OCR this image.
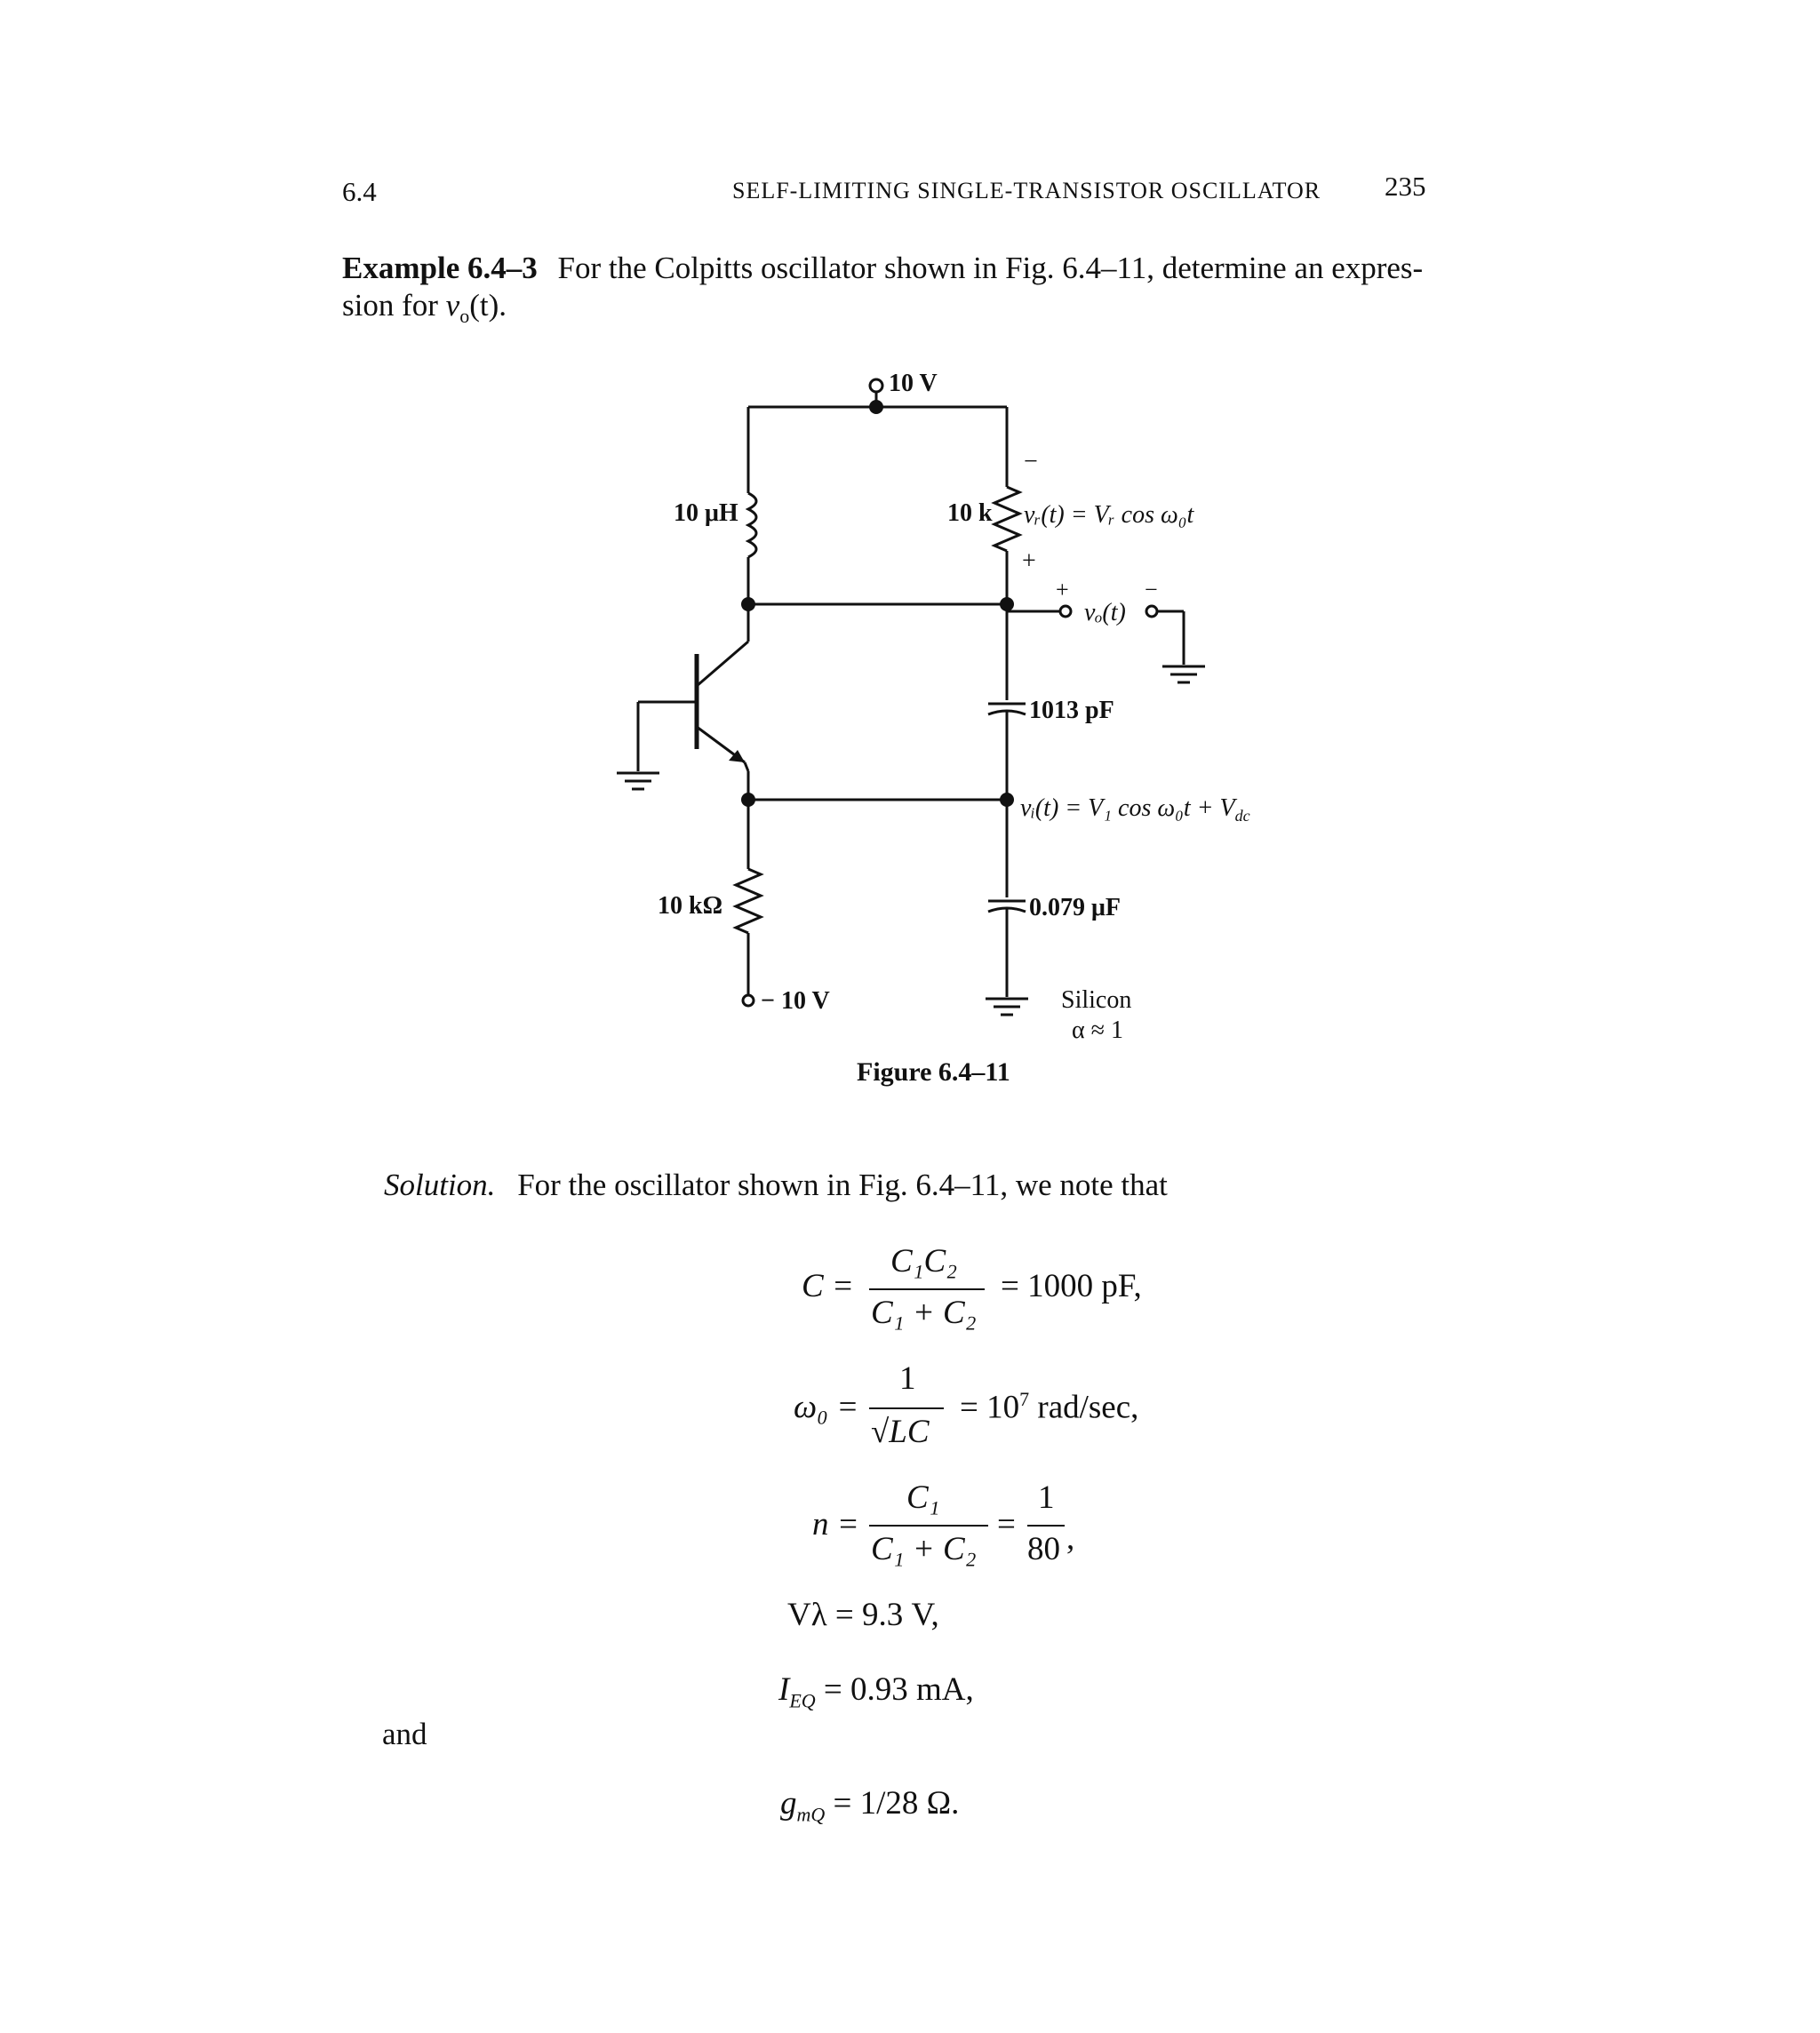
6.4	SELF-LIMITING SINGLE-TRANSISTOR OSCILLATOR 235
Example 6.4–3 For the Colpitts oscillator shown in Fig. 6.4–11, determine an expres-
sion for $v_o(t)$.
10 V
10 μH	10 k
−
vᵣ(t) = Vᵣ cos ω₀t
+
+	−
vₒ(t)
1013 pF
vᵢ(t) = V₁ $\cos \omega_0t + V_{dc}$
10 kΩ	0.079 μF
− 10 V	Silicon
α ≈ 1
Figure 6.4–11
Solution. For the oscillator shown in Fig. 6.4–11, we note that
C =
C₁C₂
C₁ + C₂
= 1000 pF,
ω₀ =
1
√LC
= $10^7$ rad/sec,
n =
C₁
C₁ + C₂
=
1
80 ,
Vλ = 9.3 V,
$I_{EQ} = 0.93$ mA,
and
$g_{mQ} = 1/28$ Ω.
